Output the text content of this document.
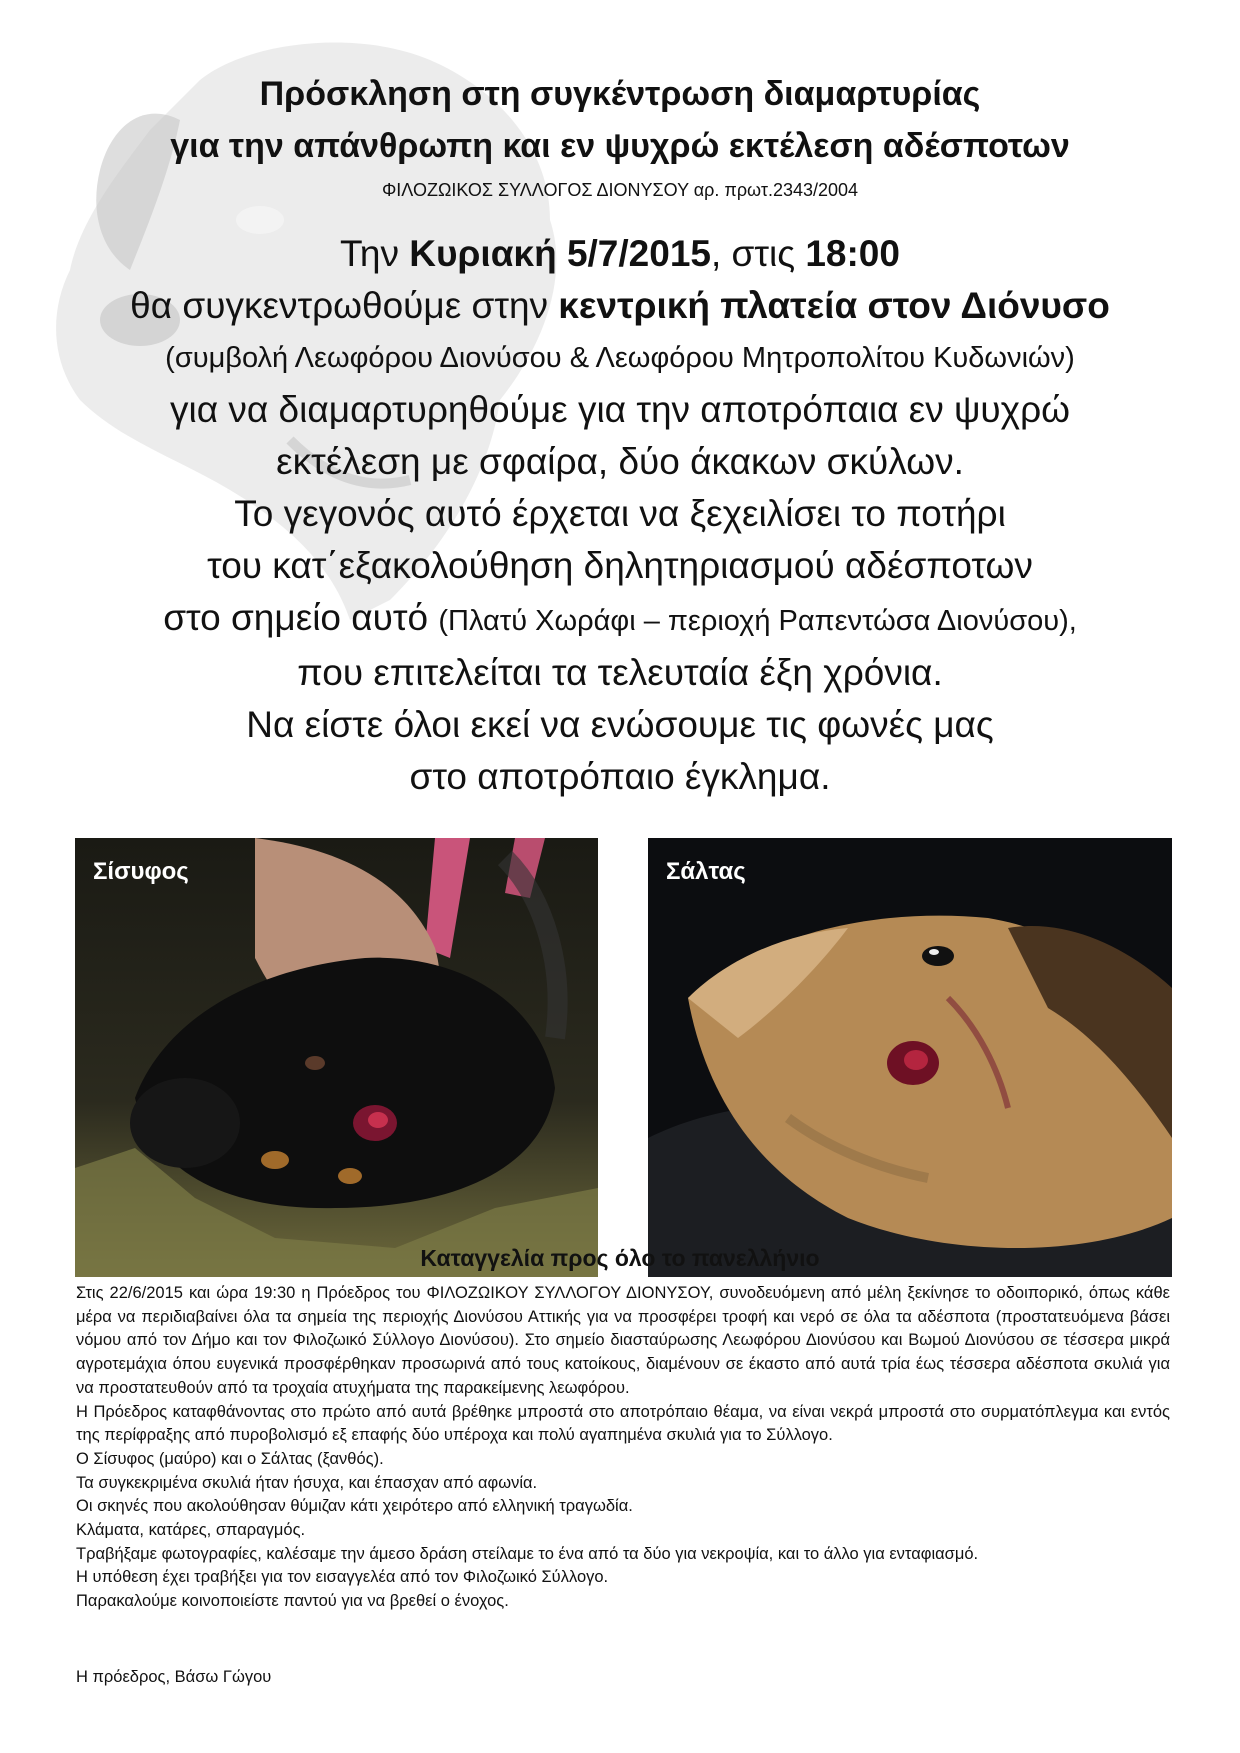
Πρόσκληση στη συγκέντρωση διαμαρτυρίας
για την απάνθρωπη και εν ψυχρώ εκτέλεση αδέσποτων
ΦΙΛΟΖΩΙΚΟΣ ΣΥΛΛΟΓΟΣ ΔΙΟΝΥΣΟΥ αρ. πρωτ.2343/2004
Την Κυριακή 5/7/2015, στις 18:00
θα συγκεντρωθούμε στην κεντρική πλατεία στον Διόνυσο
(συμβολή Λεωφόρου Διονύσου & Λεωφόρου Μητροπολίτου Κυδωνιών)
για να διαμαρτυρηθούμε για την αποτρόπαια εν ψυχρώ
εκτέλεση με σφαίρα, δύο άκακων σκύλων.
Το γεγονός αυτό έρχεται να ξεχειλίσει το ποτήρι
του κατ΄εξακολούθηση δηλητηριασμού αδέσποτων
στο σημείο αυτό (Πλατύ Χωράφι – περιοχή Ραπεντώσα Διονύσου),
που επιτελείται τα τελευταία έξη χρόνια.
Να είστε όλοι εκεί να ενώσουμε τις φωνές μας
στο αποτρόπαιο έγκλημα.
Σίσυφος	Σάλτας
Καταγγελία προς όλο το πανελλήνιο

Στις 22/6/2015 και ώρα 19:30 η Πρόεδρος του ΦΙΛΟΖΩΙΚΟΥ ΣΥΛΛΟΓΟΥ ΔΙΟΝΥΣΟΥ, συνοδευόμενη από μέλη ξεκίνησε το οδοιπορικό, όπως κάθε μέρα να περιδιαβαίνει όλα τα σημεία της περιοχής Διονύσου Αττικής για να προσφέρει τροφή και νερό σε όλα τα αδέσποτα (προστατευόμενα βάσει νόμου από τον Δήμο και τον Φιλοζωικό Σύλλογο Διονύσου). Στο σημείο διασταύρωσης Λεωφόρου Διονύσου και Βωμού Διονύσου σε τέσσερα μικρά αγροτεμάχια όπου ευγενικά προσφέρθηκαν προσωρινά από τους κατοίκους, διαμένουν σε έκαστο από αυτά τρία έως τέσσερα αδέσποτα σκυλιά για να προστατευθούν από τα τροχαία ατυχήματα της παρακείμενης λεωφόρου.

Η Πρόεδρος καταφθάνοντας στο πρώτο από αυτά βρέθηκε μπροστά στο αποτρόπαιο θέαμα, να είναι νεκρά μπροστά στο συρματόπλεγμα και εντός της περίφραξης από πυροβολισμό εξ επαφής δύο υπέροχα και πολύ αγαπημένα σκυλιά για το Σύλλογο.

Ο Σίσυφος (μαύρο) και ο Σάλτας (ξανθός).

Τα συγκεκριμένα σκυλιά ήταν ήσυχα, και έπασχαν από αφωνία.

Οι σκηνές που ακολούθησαν θύμιζαν κάτι χειρότερο από ελληνική τραγωδία.

Κλάματα, κατάρες, σπαραγμός.

Τραβήξαμε φωτογραφίες, καλέσαμε την άμεσο δράση στείλαμε το ένα από τα δύο για νεκροψία, και το άλλο για ενταφιασμό.

Η υπόθεση έχει τραβήξει για τον εισαγγελέα από τον Φιλοζωικό Σύλλογο.

Παρακαλούμε κοινοποιείστε παντού για να βρεθεί ο ένοχος.

Η πρόεδρος, Βάσω Γώγου
